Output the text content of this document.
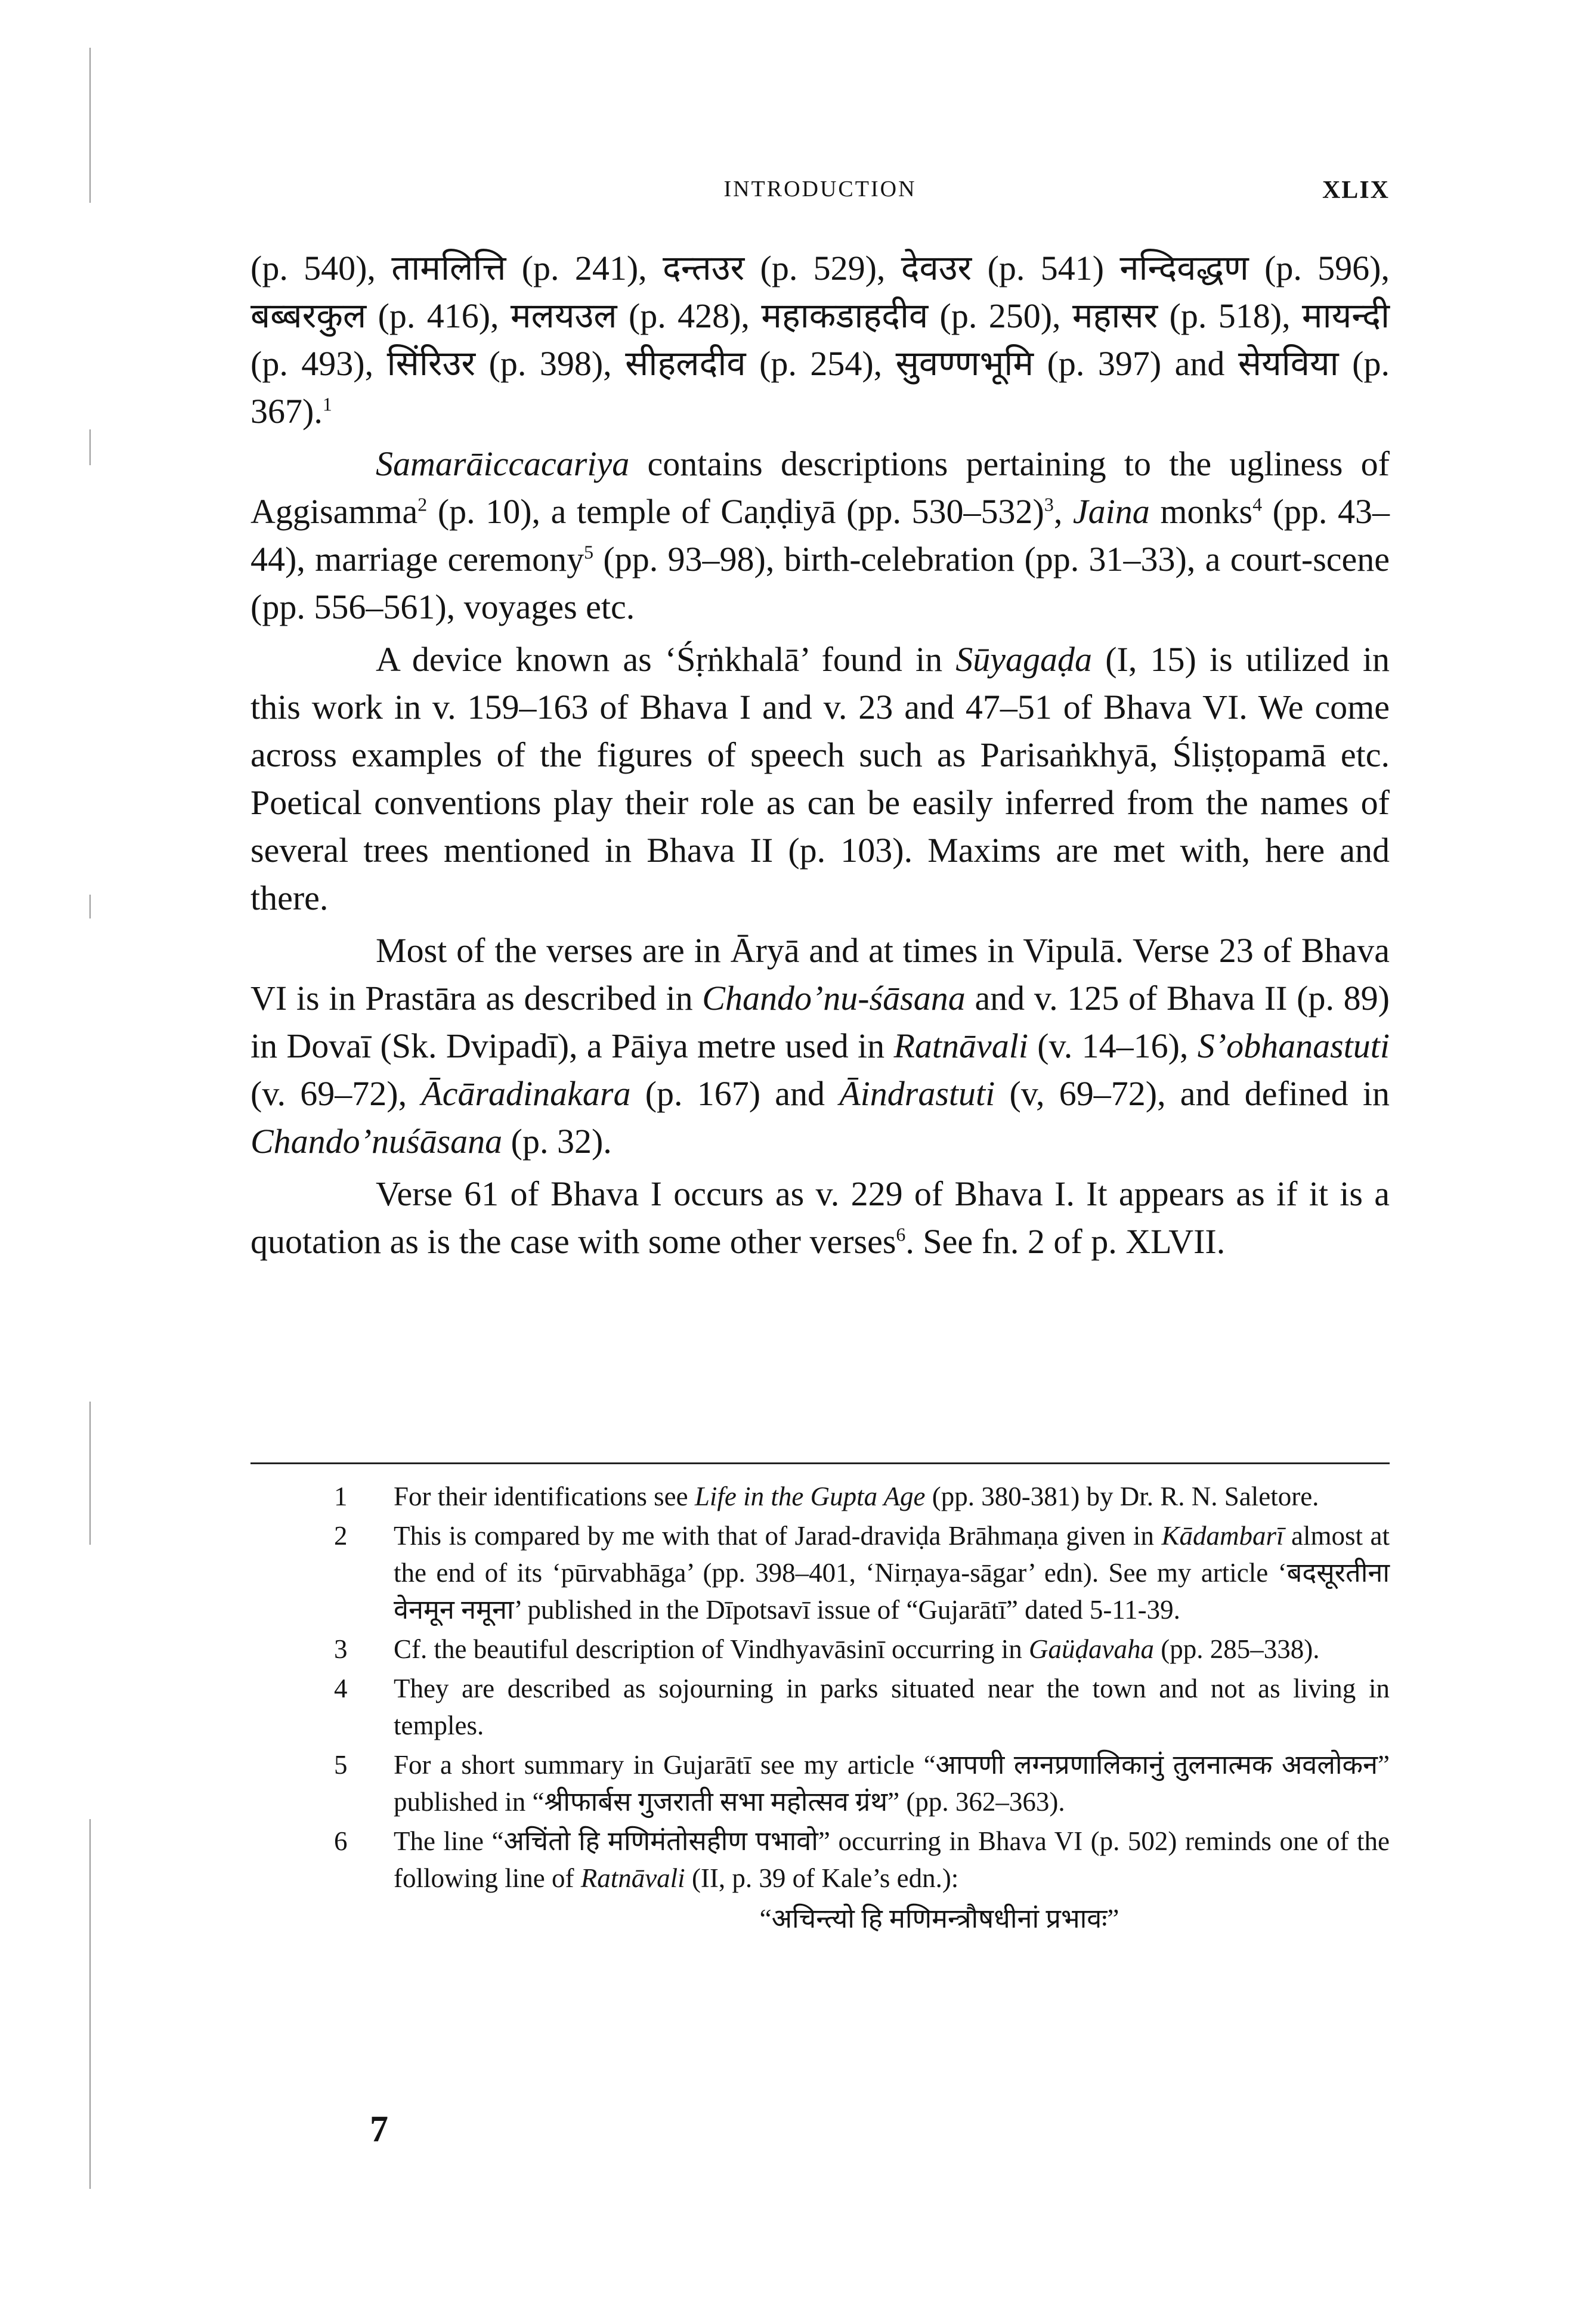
INTRODUCTION	XLIX

(p. 540), तामलित्ति (p. 241), दन्तउर (p. 529), देवउर (p. 541) नन्दिवद्धण (p. 596), बब्बरकुल (p. 416), मलयउल (p. 428), महाकडाहदीव (p. 250), महासर (p. 518), मायन्दी (p. 493), सिंरिउर (p. 398), सीहलदीव (p. 254), सुवण्णभूमि (p. 397) and सेयविया (p. 367).$^1$

Samarāiccacariya contains descriptions pertaining to the ugliness of Aggisamma$^2$ (p. 10), a temple of Caṇḍiyā (pp. 530–532)$^3$, Jaina monks$^4$ (pp. 43–44), marriage ceremony$^5$ (pp. 93–98), birth-celebration (pp. 31–33), a court-scene (pp. 556–561), voyages etc.

A device known as ‘Śṛṅkhalā’ found in Sūyagaḍa (I, 15) is utilized in this work in v. 159–163 of Bhava I and v. 23 and 47–51 of Bhava VI. We come across examples of the figures of speech such as Parisaṅkhyā, Śliṣṭopamā etc. Poetical conventions play their role as can be easily inferred from the names of several trees mentioned in Bhava II (p. 103). Maxims are met with, here and there.

Most of the verses are in Āryā and at times in Vipulā. Verse 23 of Bhava VI is in Prastāra as described in Chando’nu-śāsana and v. 125 of Bhava II (p. 89) in Dovaī (Sk. Dvipadī), a Pāiya metre used in Ratnāvali (v. 14–16), S’obhanastuti (v. 69–72), Ācāradinakara (p. 167) and Āindrastuti (v, 69–72), and defined in Chando’nuśāsana (p. 32).

Verse 61 of Bhava I occurs as v. 229 of Bhava I. It appears as if it is a quotation as is the case with some other verses$^6$. See fn. 2 of p. XLVII.

1 For their identifications see Life in the Gupta Age (pp. 380-381) by Dr. R. N. Saletore.
2 This is compared by me with that of Jarad-draviḍa Brāhmaṇa given in Kādambarī almost at the end of its ‘pūrvabhāga’ (pp. 398–401, ‘Nirṇaya-sāgar’ edn). See my article ‘बदसूरतीना वेनमून नमूना’ published in the Dīpotsavī issue of “Gujarātī” dated 5-11-39.
3 Cf. the beautiful description of Vindhyavāsinī occurring in Gaüḍavaha (pp. 285–338).
4 They are described as sojourning in parks situated near the town and not as living in temples.
5 For a short summary in Gujarātī see my article “आपणी लग्नप्रणालिकानुं तुलनात्मक अवलोकन” published in “श्रीफार्बस गुजराती सभा महोत्सव ग्रंथ” (pp. 362–363).
6 The line “अचिंतो हि मणिमंतोसहीण पभावो” occurring in Bhava VI (p. 502) reminds one of the following line of Ratnāvali (II, p. 39 of Kale’s edn.):
“अचिन्त्यो हि मणिमन्त्रौषधीनां प्रभावः”
7
